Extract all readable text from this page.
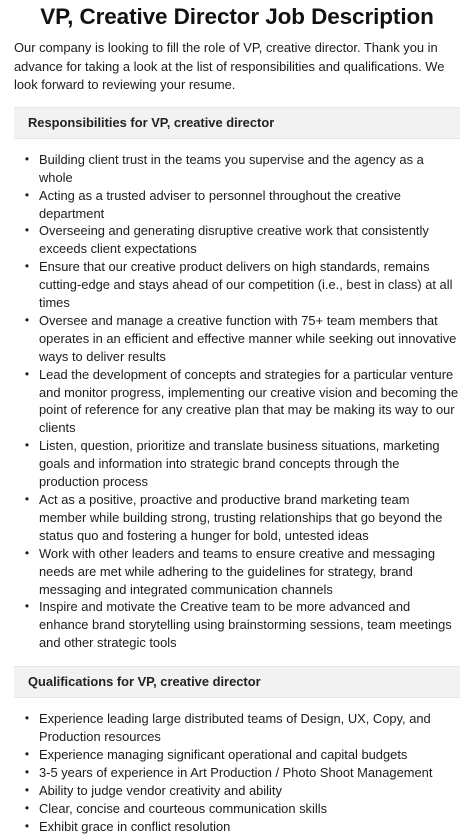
VP, Creative Director Job Description

Our company is looking to fill the role of VP, creative director. Thank you in advance for taking a look at the list of responsibilities and qualifications. We look forward to reviewing your resume.

Responsibilities for VP, creative director
• Building client trust in the teams you supervise and the agency as a whole
• Acting as a trusted adviser to personnel throughout the creative department
• Overseeing and generating disruptive creative work that consistently exceeds client expectations
• Ensure that our creative product delivers on high standards, remains cutting-edge and stays ahead of our competition (i.e., best in class) at all times
• Oversee and manage a creative function with 75+ team members that operates in an efficient and effective manner while seeking out innovative ways to deliver results
• Lead the development of concepts and strategies for a particular venture and monitor progress, implementing our creative vision and becoming the point of reference for any creative plan that may be making its way to our clients
• Listen, question, prioritize and translate business situations, marketing goals and information into strategic brand concepts through the production process
• Act as a positive, proactive and productive brand marketing team member while building strong, trusting relationships that go beyond the status quo and fostering a hunger for bold, untested ideas
• Work with other leaders and teams to ensure creative and messaging needs are met while adhering to the guidelines for strategy, brand messaging and integrated communication channels
• Inspire and motivate the Creative team to be more advanced and enhance brand storytelling using brainstorming sessions, team meetings and other strategic tools
Qualifications for VP, creative director
• Experience leading large distributed teams of Design, UX, Copy, and Production resources
• Experience managing significant operational and capital budgets
• 3-5 years of experience in Art Production / Photo Shoot Management
• Ability to judge vendor creativity and ability
• Clear, concise and courteous communication skills
• Exhibit grace in conflict resolution
